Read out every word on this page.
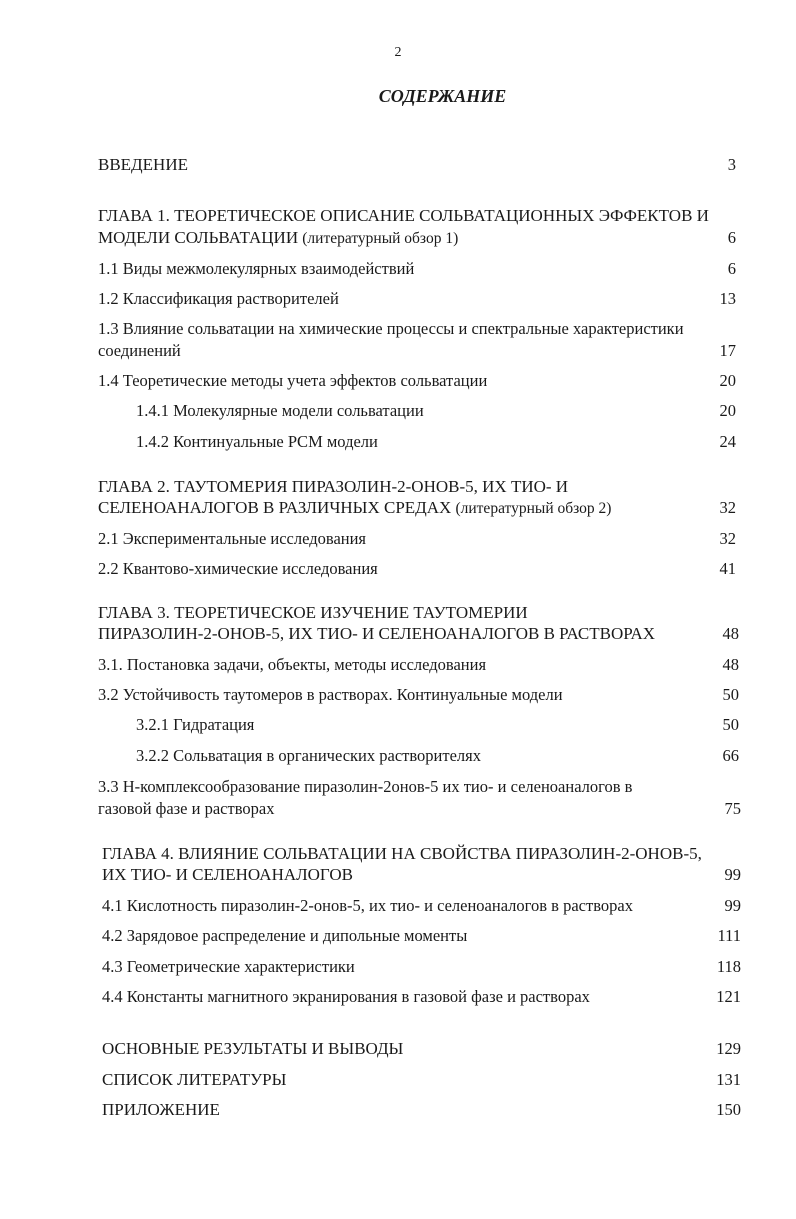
2
СОДЕРЖАНИЕ
ВВЕДЕНИЕ	3
ГЛАВА 1. ТЕОРЕТИЧЕСКОЕ ОПИСАНИЕ СОЛЬВАТАЦИОННЫХ ЭФФЕКТОВ И
МОДЕЛИ СОЛЬВАТАЦИИ (литературный обзор 1)	6
1.1 Виды межмолекулярных взаимодействий	6
1.2 Классификация растворителей	13
1.3 Влияние сольватации на химические процессы и спектральные характеристики
соединений	17
1.4 Теоретические методы учета эффектов сольватации	20
1.4.1 Молекулярные модели сольватации	20
1.4.2 Континуальные PCM модели	24
ГЛАВА 2. ТАУТОМЕРИЯ ПИРАЗОЛИН-2-ОНОВ-5, ИХ ТИО- И
СЕЛЕНОАНАЛОГОВ В РАЗЛИЧНЫХ СРЕДАХ (литературный обзор 2)	32
2.1 Экспериментальные исследования	32
2.2 Квантово-химические исследования	41
ГЛАВА 3. ТЕОРЕТИЧЕСКОЕ ИЗУЧЕНИЕ ТАУТОМЕРИИ
ПИРАЗОЛИН-2-ОНОВ-5, ИХ ТИО- И СЕЛЕНОАНАЛОГОВ В РАСТВОРАХ	48
3.1. Постановка задачи, объекты, методы исследования	48
3.2 Устойчивость таутомеров в растворах. Континуальные модели	50
3.2.1 Гидратация	50
3.2.2 Сольватация в органических растворителях	66
3.3 H-комплексообразование пиразолин-2онов-5 их тио- и селеноаналогов в
газовой фазе и растворах	75
ГЛАВА 4. ВЛИЯНИЕ СОЛЬВАТАЦИИ НА СВОЙСТВА ПИРАЗОЛИН-2-ОНОВ-5,
ИХ ТИО- И СЕЛЕНОАНАЛОГОВ	99
4.1 Кислотность пиразолин-2-онов-5, их тио- и селеноаналогов в растворах	99
4.2 Зарядовое распределение и дипольные моменты	111
4.3 Геометрические характеристики	118
4.4 Константы магнитного экранирования в газовой фазе и растворах	121
ОСНОВНЫЕ РЕЗУЛЬТАТЫ И ВЫВОДЫ	129
СПИСОК ЛИТЕРАТУРЫ	131
ПРИЛОЖЕНИЕ	150
